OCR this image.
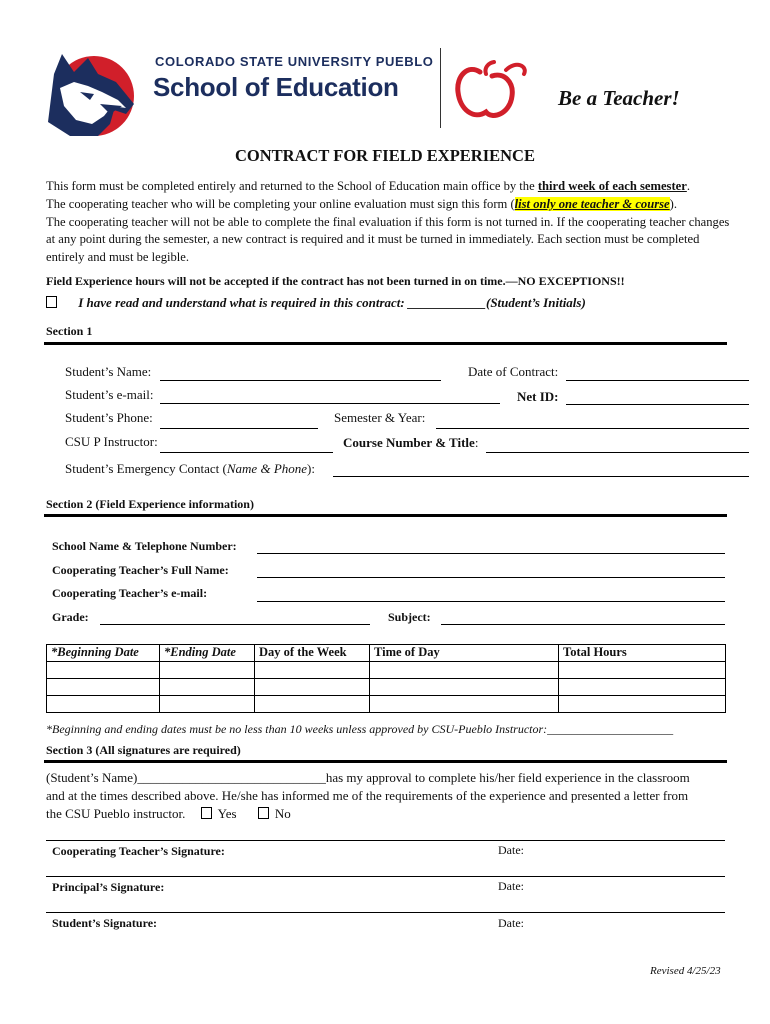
COLORADO STATE UNIVERSITY PUEBLO
School of Education	Be a Teacher!
CONTRACT FOR FIELD EXPERIENCE
This form must be completed entirely and returned to the School of Education main office by the third week of each semester.
The cooperating teacher who will be completing your online evaluation must sign this form (list only one teacher & course).
The cooperating teacher will not be able to complete the final evaluation if this form is not turned in. If the cooperating teacher changes at any point during the semester, a new contract is required and it must be turned in immediately. Each section must be completed entirely and must be legible.
Field Experience hours will not be accepted if the contract has not been turned in on time.—NO EXCEPTIONS!!
I have read and understand what is required in this contract: ____________(Student’s Initials)
Section 1
Student’s Name:	Date of Contract:
Student’s e-mail:	Net ID:
Student’s Phone:	Semester & Year:
CSU P Instructor:	Course Number & Title:
Student’s Emergency Contact (Name & Phone):
Section 2 (Field Experience information)
School Name & Telephone Number:
Cooperating Teacher’s Full Name:
Cooperating Teacher’s e-mail:
Grade:	Subject:
*Beginning Date	*Ending Date	Day of the Week	Time of Day	Total Hours

*Beginning and ending dates must be no less than 10 weeks unless approved by CSU-Pueblo Instructor:_____________________
Section 3 (All signatures are required)
(Student’s Name)_____________________________has my approval to complete his/her field experience in the classroom
and at the times described above. He/she has informed me of the requirements of the experience and presented a letter from
the CSU Pueblo instructor. Yes	No
Cooperating Teacher’s Signature:	Date:
Principal’s Signature:	Date:
Student’s Signature:	Date:
Revised 4/25/23
